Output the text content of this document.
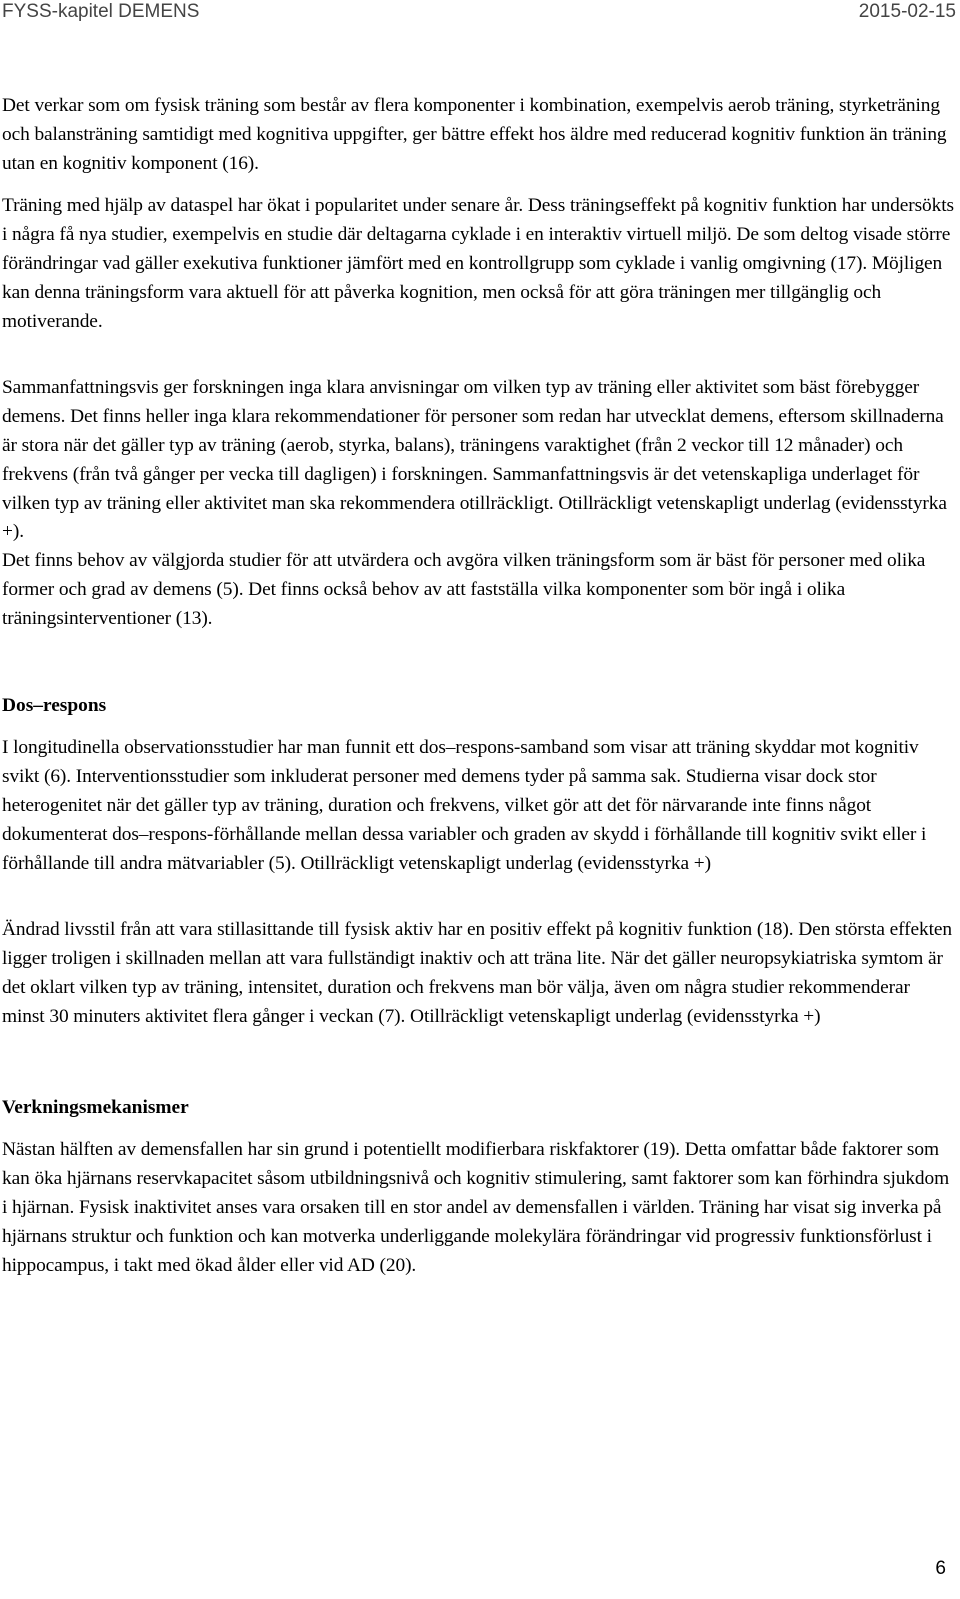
FYSS-kapitel DEMENS	2015-02-15

Det verkar som om fysisk träning som består av flera komponenter i kombination, exempelvis aerob träning, styrketräning och balansträning samtidigt med kognitiva uppgifter, ger bättre effekt hos äldre med reducerad kognitiv funktion än träning utan en kognitiv komponent (16).

Träning med hjälp av dataspel har ökat i popularitet under senare år. Dess träningseffekt på kognitiv funktion har undersökts i några få nya studier, exempelvis en studie där deltagarna cyklade i en interaktiv virtuell miljö. De som deltog visade större förändringar vad gäller exekutiva funktioner jämfört med en kontrollgrupp som cyklade i vanlig omgivning (17). Möjligen kan denna träningsform vara aktuell för att påverka kognition, men också för att göra träningen mer tillgänglig och motiverande.

Sammanfattningsvis ger forskningen inga klara anvisningar om vilken typ av träning eller aktivitet som bäst förebygger demens. Det finns heller inga klara rekommendationer för personer som redan har utvecklat demens, eftersom skillnaderna är stora när det gäller typ av träning (aerob, styrka, balans), träningens varaktighet (från 2 veckor till 12 månader) och frekvens (från två gånger per vecka till dagligen) i forskningen. Sammanfattningsvis är det vetenskapliga underlaget för vilken typ av träning eller aktivitet man ska rekommendera otillräckligt. Otillräckligt vetenskapligt underlag (evidensstyrka +).

Det finns behov av välgjorda studier för att utvärdera och avgöra vilken träningsform som är bäst för personer med olika former och grad av demens (5). Det finns också behov av att fastställa vilka komponenter som bör ingå i olika träningsinterventioner (13).

Dos–respons

I longitudinella observationsstudier har man funnit ett dos–respons-samband som visar att träning skyddar mot kognitiv svikt (6). Interventionsstudier som inkluderat personer med demens tyder på samma sak. Studierna visar dock stor heterogenitet när det gäller typ av träning, duration och frekvens, vilket gör att det för närvarande inte finns något dokumenterat dos–respons-förhållande mellan dessa variabler och graden av skydd i förhållande till kognitiv svikt eller i förhållande till andra mätvariabler (5). Otillräckligt vetenskapligt underlag (evidensstyrka +)

Ändrad livsstil från att vara stillasittande till fysisk aktiv har en positiv effekt på kognitiv funktion (18). Den största effekten ligger troligen i skillnaden mellan att vara fullständigt inaktiv och att träna lite. När det gäller neuropsykiatriska symtom är det oklart vilken typ av träning, intensitet, duration och frekvens man bör välja, även om några studier rekommenderar minst 30 minuters aktivitet flera gånger i veckan (7). Otillräckligt vetenskapligt underlag (evidensstyrka +)

Verkningsmekanismer

Nästan hälften av demensfallen har sin grund i potentiellt modifierbara riskfaktorer (19). Detta omfattar både faktorer som kan öka hjärnans reservkapacitet såsom utbildningsnivå och kognitiv stimulering, samt faktorer som kan förhindra sjukdom i hjärnan. Fysisk inaktivitet anses vara orsaken till en stor andel av demensfallen i världen. Träning har visat sig inverka på hjärnans struktur och funktion och kan motverka underliggande molekylära förändringar vid progressiv funktionsförlust i hippocampus, i takt med ökad ålder eller vid AD (20).

6
